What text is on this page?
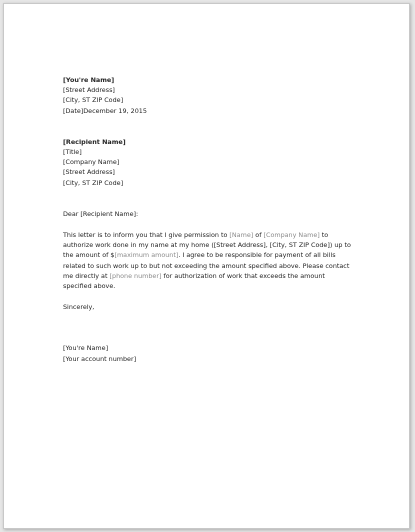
[You're Name]
[Street Address]
[City, ST ZIP Code]
[Date]December 19, 2015
[Recipient Name]
[Title]
[Company Name]
[Street Address]
[City, ST ZIP Code]
Dear [Recipient Name]:
This letter is to inform you that I give permission to [Name] of [Company Name] to authorize work done in my name at my home ([Street Address], [City, ST ZIP Code]) up to the amount of $[maximum amount]. I agree to be responsible for payment of all bills related to such work up to but not exceeding the amount specified above. Please contact me directly at [phone number] for authorization of work that exceeds the amount specified above.
Sincerely,
[You're Name]
[Your account number]
